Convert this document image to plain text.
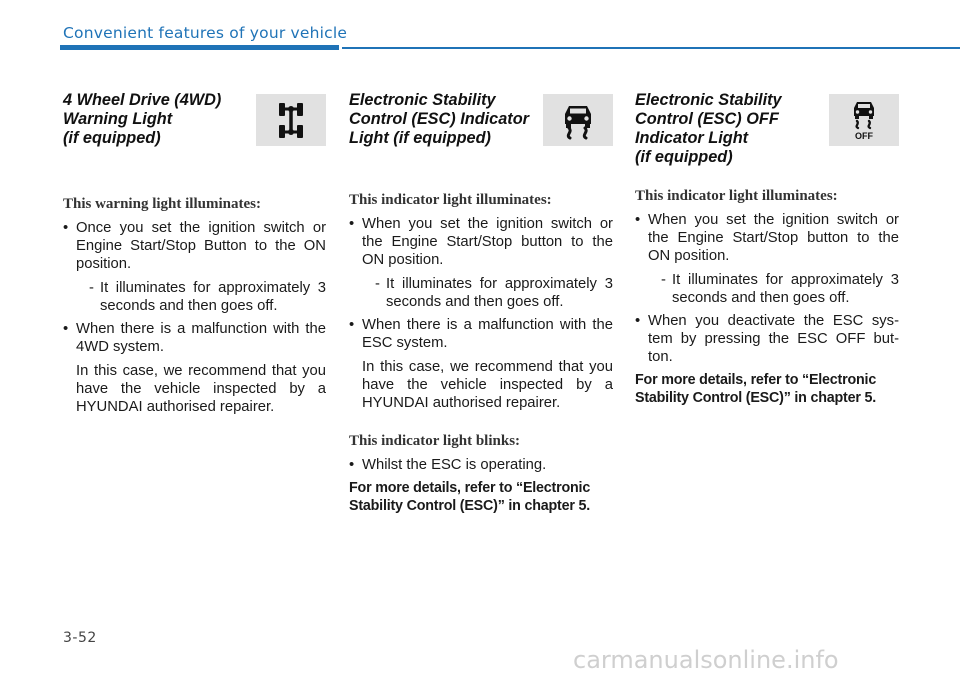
Convenient features of your vehicle
4 Wheel Drive (4WD)
Warning Light
(if equipped)

This warning light illuminates:

• Once you set the ignition switch or Engine Start/Stop Button to the ON position.
- It illuminates for approximately 3 seconds and then goes off.
• When there is a malfunction with the 4WD system.
In this case, we recommend that you have the vehicle inspected by a HYUNDAI authorised repairer.
Electronic Stability
Control (ESC) Indicator
Light (if equipped)

This indicator light illuminates:

• When you set the ignition switch or the Engine Start/Stop button to the ON position.
- It illuminates for approximately 3 seconds and then goes off.
• When there is a malfunction with the ESC system.
In this case, we recommend that you have the vehicle inspected by a HYUNDAI authorised repairer.

This indicator light blinks:

• Whilst the ESC is operating.

For more details, refer to “Electronic Stability Control (ESC)” in chapter 5.

Electronic Stability
Control (ESC) OFF
Indicator Light
(if equipped)
OFF

This indicator light illuminates:

• When you set the ignition switch or the Engine Start/Stop button to the ON position.
- It illuminates for approximately 3 seconds and then goes off.
• When you deactivate the ESC sys-tem by pressing the ESC OFF but-ton.

For more details, refer to “Electronic Stability Control (ESC)” in chapter 5.

3-52
carmanualsonline.info
